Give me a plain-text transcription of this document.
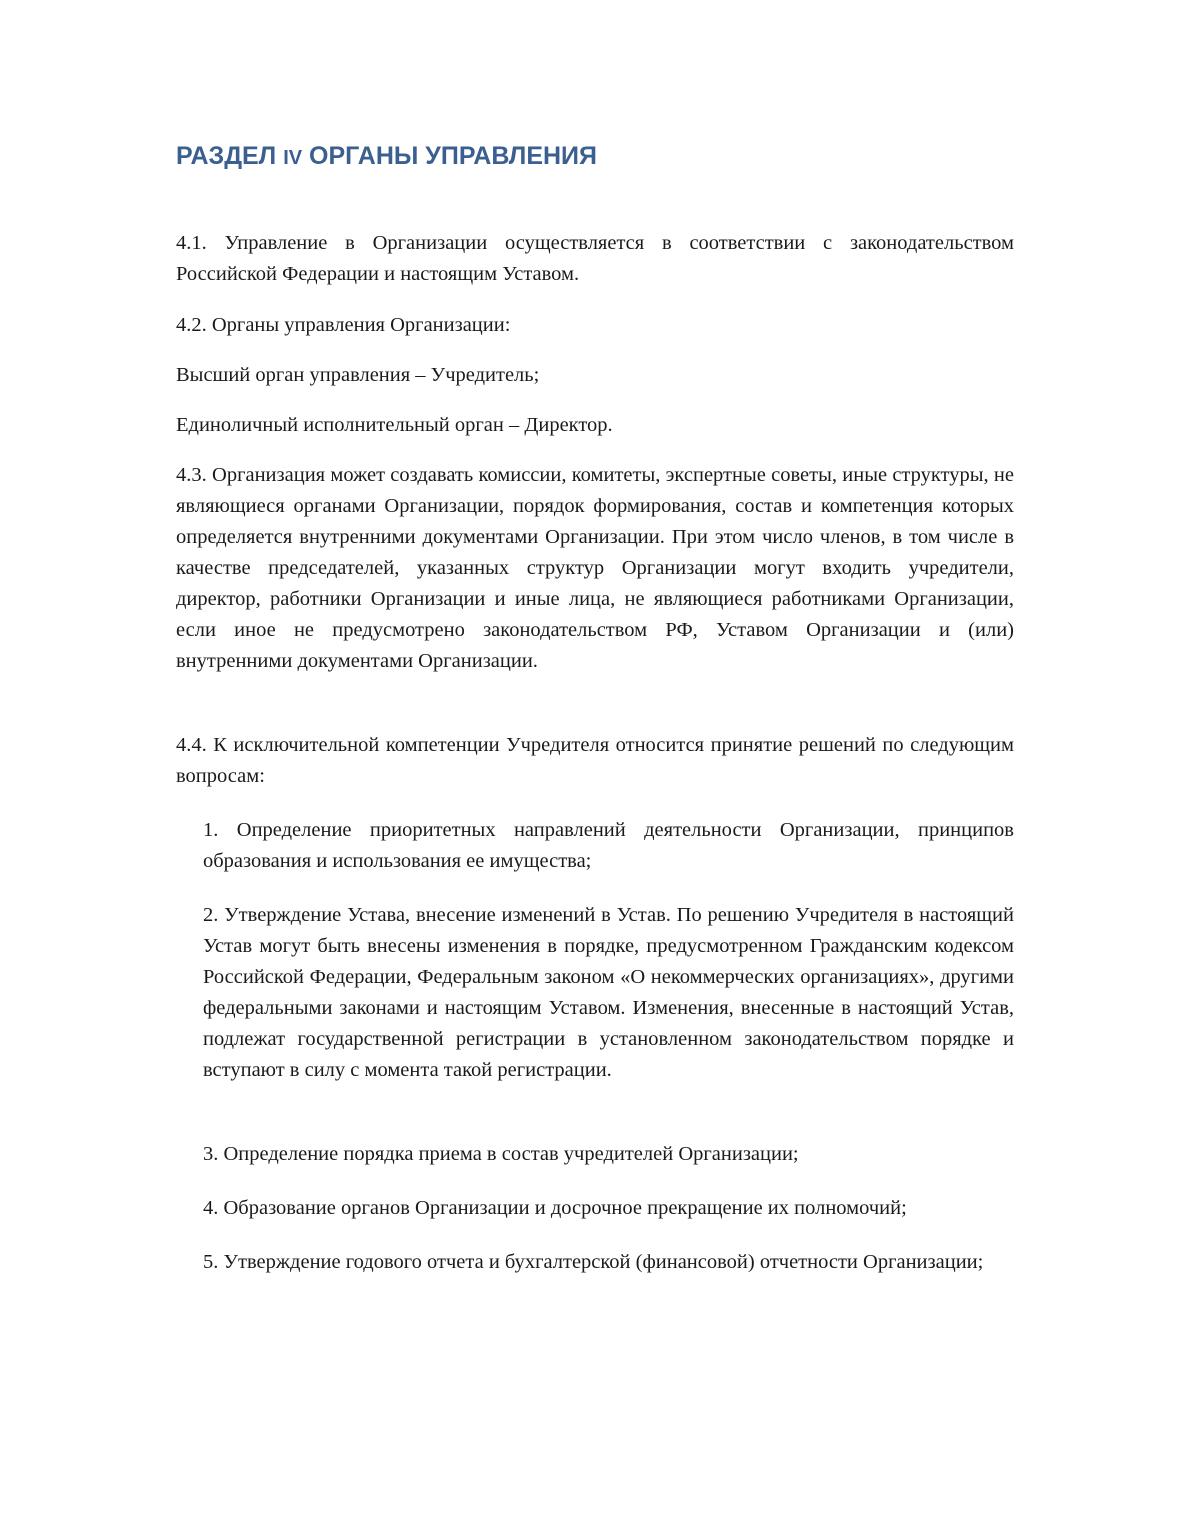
РАЗДЕЛ IV ОРГАНЫ УПРАВЛЕНИЯ

4.1. Управление в Организации осуществляется в соответствии с законодательством Российской Федерации и настоящим Уставом.

4.2. Органы управления Организации:

Высший орган управления – Учредитель;

Единоличный исполнительный орган – Директор.

4.3. Организация может создавать комиссии, комитеты, экспертные советы, иные структуры, не являющиеся органами Организации, порядок формирования, состав и компетенция которых определяется внутренними документами Организации. При этом число членов, в том числе в качестве председателей, указанных структур Организации могут входить учредители, директор, работники Организации и иные лица, не являющиеся работниками Организации, если иное не предусмотрено законодательством РФ, Уставом Организации и (или) внутренними документами Организации.

4.4. К исключительной компетенции Учредителя относится принятие решений по следующим вопросам:

1. Определение приоритетных направлений деятельности Организации, принципов образования и использования ее имущества;

2. Утверждение Устава, внесение изменений в Устав. По решению Учредителя в настоящий Устав могут быть внесены изменения в порядке, предусмотренном Гражданским кодексом Российской Федерации, Федеральным законом «О некоммерческих организациях», другими федеральными законами и настоящим Уставом. Изменения, внесенные в настоящий Устав, подлежат государственной регистрации в установленном законодательством порядке и вступают в силу с момента такой регистрации.

3. Определение порядка приема в состав учредителей Организации;

4. Образование органов Организации и досрочное прекращение их полномочий;

5. Утверждение годового отчета и бухгалтерской (финансовой) отчетности Организации;
